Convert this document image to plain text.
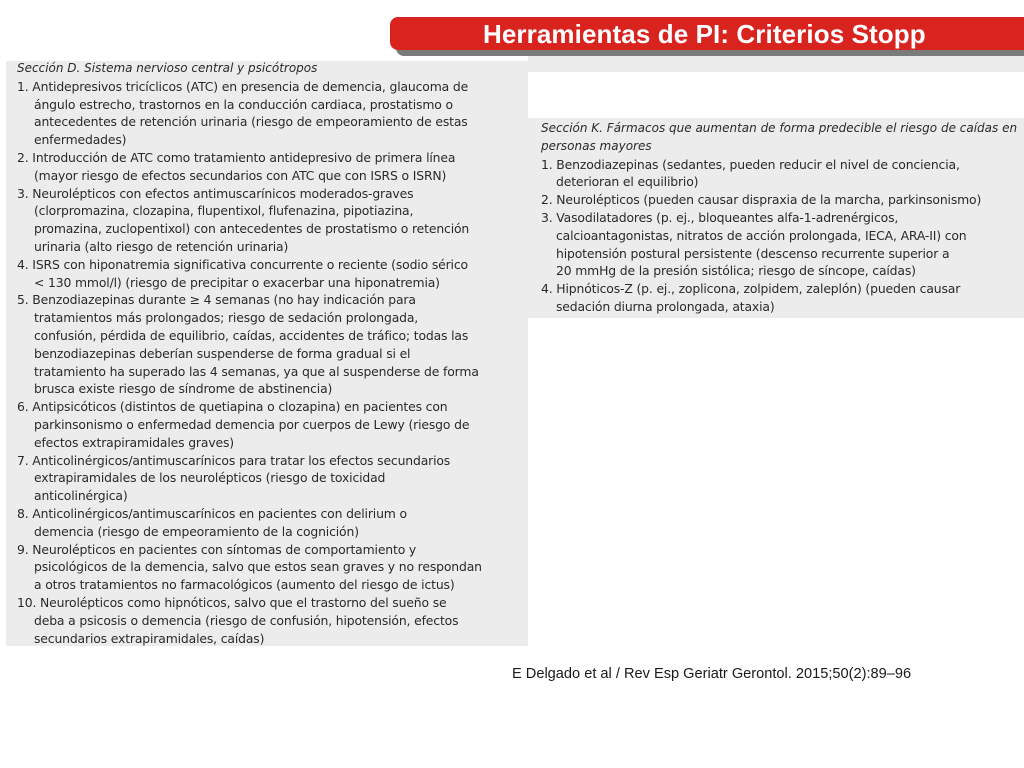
Herramientas de PI: Criterios Stopp
Sección D. Sistema nervioso central y psicótropos
1. Antidepresivos tricíclicos (ATC) en presencia de demencia, glaucoma de
ángulo estrecho, trastornos en la conducción cardiaca, prostatismo o
antecedentes de retención urinaria (riesgo de empeoramiento de estas
enfermedades)
2. Introducción de ATC como tratamiento antidepresivo de primera línea
(mayor riesgo de efectos secundarios con ATC que con ISRS o ISRN)
3. Neurolépticos con efectos antimuscarínicos moderados-graves
(clorpromazina, clozapina, flupentixol, flufenazina, pipotiazina,
promazina, zuclopentixol) con antecedentes de prostatismo o retención
urinaria (alto riesgo de retención urinaria)
4. ISRS con hiponatremia significativa concurrente o reciente (sodio sérico
< 130 mmol/l) (riesgo de precipitar o exacerbar una hiponatremia)
5. Benzodiazepinas durante ≥ 4 semanas (no hay indicación para
tratamientos más prolongados; riesgo de sedación prolongada,
confusión, pérdida de equilibrio, caídas, accidentes de tráfico; todas las
benzodiazepinas deberían suspenderse de forma gradual si el
tratamiento ha superado las 4 semanas, ya que al suspenderse de forma
brusca existe riesgo de síndrome de abstinencia)
6. Antipsicóticos (distintos de quetiapina o clozapina) en pacientes con
parkinsonismo o enfermedad demencia por cuerpos de Lewy (riesgo de
efectos extrapiramidales graves)
7. Anticolinérgicos/antimuscarínicos para tratar los efectos secundarios
extrapiramidales de los neurolépticos (riesgo de toxicidad
anticolinérgica)
8. Anticolinérgicos/antimuscarínicos en pacientes con delirium o
demencia (riesgo de empeoramiento de la cognición)
9. Neurolépticos en pacientes con síntomas de comportamiento y
psicológicos de la demencia, salvo que estos sean graves y no respondan
a otros tratamientos no farmacológicos (aumento del riesgo de ictus)
10. Neurolépticos como hipnóticos, salvo que el trastorno del sueño se
deba a psicosis o demencia (riesgo de confusión, hipotensión, efectos
secundarios extrapiramidales, caídas)
Sección K. Fármacos que aumentan de forma predecible el riesgo de caídas en
personas mayores
1. Benzodiazepinas (sedantes, pueden reducir el nivel de conciencia,
deterioran el equilibrio)
2. Neurolépticos (pueden causar dispraxia de la marcha, parkinsonismo)
3. Vasodilatadores (p. ej., bloqueantes alfa-1-adrenérgicos,
calcioantagonistas, nitratos de acción prolongada, IECA, ARA-II) con
hipotensión postural persistente (descenso recurrente superior a
20 mmHg de la presión sistólica; riesgo de síncope, caídas)
4. Hipnóticos-Z (p. ej., zoplicona, zolpidem, zaleplón) (pueden causar
sedación diurna prolongada, ataxia)
E Delgado et al / Rev Esp Geriatr Gerontol. 2015;50(2):89–96
